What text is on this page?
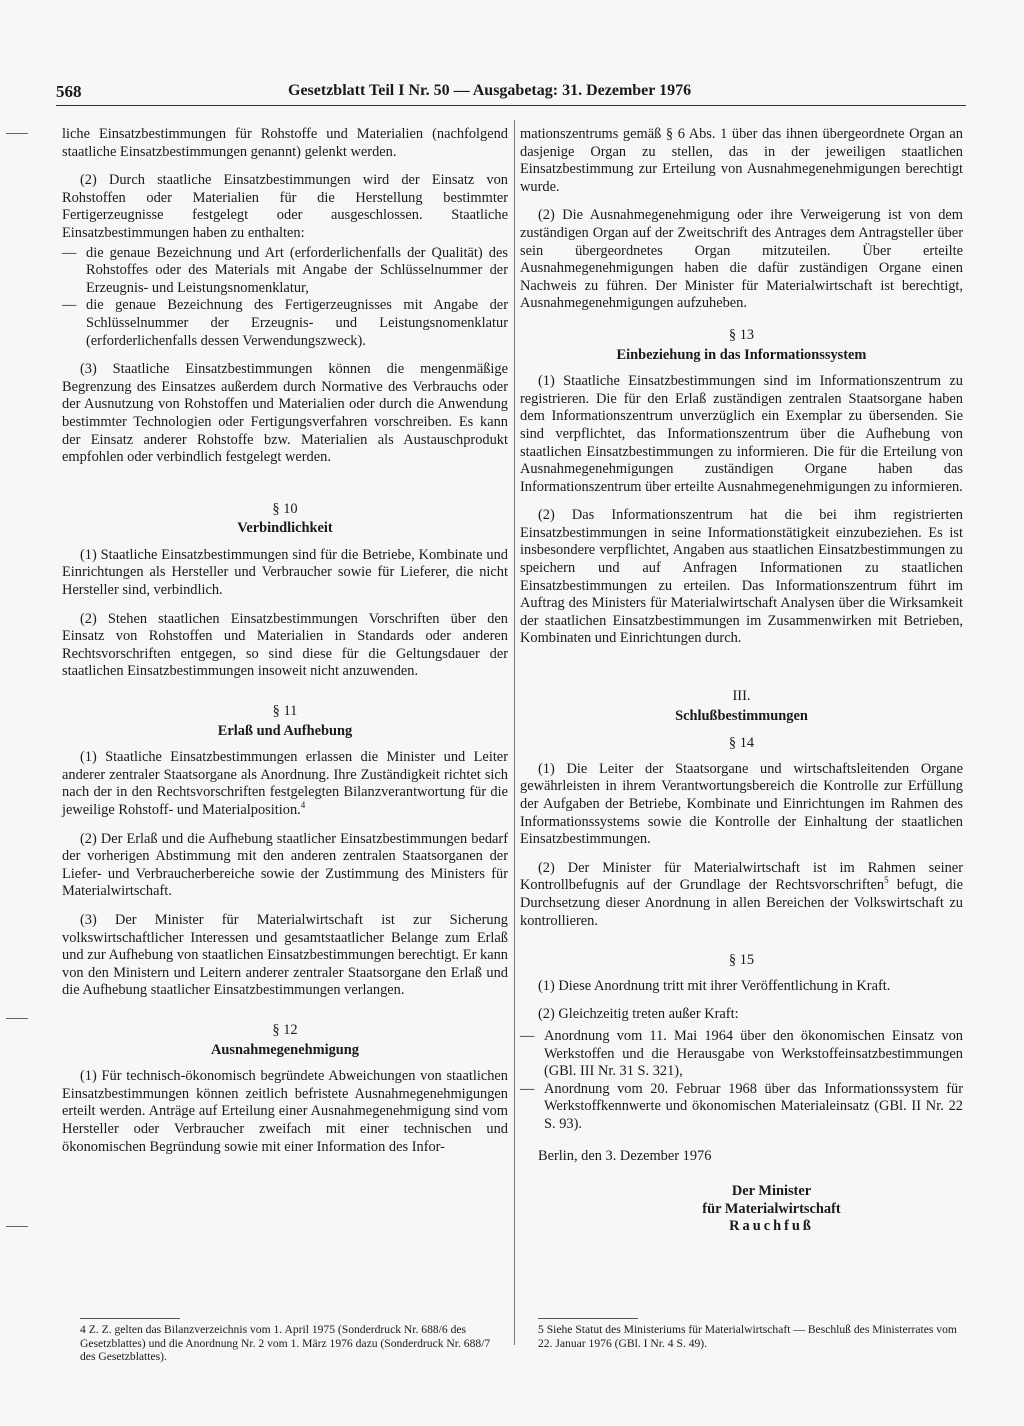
568	Gesetzblatt Teil I Nr. 50 — Ausgabetag: 31. Dezember 1976

liche Einsatzbestimmungen für Rohstoffe und Materialien (nachfolgend staatliche Einsatzbestimmungen genannt) gelenkt werden.

(2) Durch staatliche Einsatzbestimmungen wird der Einsatz von Rohstoffen oder Materialien für die Herstellung bestimmter Fertigerzeugnisse festgelegt oder ausgeschlossen. Staatliche Einsatzbestimmungen haben zu enthalten:

— die genaue Bezeichnung und Art (erforderlichenfalls der Qualität) des Rohstoffes oder des Materials mit Angabe der Schlüsselnummer der Erzeugnis- und Leistungsnomenklatur,
— die genaue Bezeichnung des Fertigerzeugnisses mit Angabe der Schlüsselnummer der Erzeugnis- und Leistungsnomenklatur (erforderlichenfalls dessen Verwendungszweck).

(3) Staatliche Einsatzbestimmungen können die mengenmäßige Begrenzung des Einsatzes außerdem durch Normative des Verbrauchs oder der Ausnutzung von Rohstoffen und Materialien oder durch die Anwendung bestimmter Technologien oder Fertigungsverfahren vorschreiben. Es kann der Einsatz anderer Rohstoffe bzw. Materialien als Austauschprodukt empfohlen oder verbindlich festgelegt werden.

§ 10
Verbindlichkeit

(1) Staatliche Einsatzbestimmungen sind für die Betriebe, Kombinate und Einrichtungen als Hersteller und Verbraucher sowie für Lieferer, die nicht Hersteller sind, verbindlich.

(2) Stehen staatlichen Einsatzbestimmungen Vorschriften über den Einsatz von Rohstoffen und Materialien in Standards oder anderen Rechtsvorschriften entgegen, so sind diese für die Geltungsdauer der staatlichen Einsatzbestimmungen insoweit nicht anzuwenden.

§ 11
Erlaß und Aufhebung

(1) Staatliche Einsatzbestimmungen erlassen die Minister und Leiter anderer zentraler Staatsorgane als Anordnung. Ihre Zuständigkeit richtet sich nach der in den Rechtsvorschriften festgelegten Bilanzverantwortung für die jeweilige Rohstoff- und Materialposition.$^4$

(2) Der Erlaß und die Aufhebung staatlicher Einsatzbestimmungen bedarf der vorherigen Abstimmung mit den anderen zentralen Staatsorganen der Liefer- und Verbraucherbereiche sowie der Zustimmung des Ministers für Materialwirtschaft.

(3) Der Minister für Materialwirtschaft ist zur Sicherung volkswirtschaftlicher Interessen und gesamtstaatlicher Belange zum Erlaß und zur Aufhebung von staatlichen Einsatzbestimmungen berechtigt. Er kann von den Ministern und Leitern anderer zentraler Staatsorgane den Erlaß und die Aufhebung staatlicher Einsatzbestimmungen verlangen.

§ 12
Ausnahmegenehmigung

(1) Für technisch-ökonomisch begründete Abweichungen von staatlichen Einsatzbestimmungen können zeitlich befristete Ausnahmegenehmigungen erteilt werden. Anträge auf Erteilung einer Ausnahmegenehmigung sind vom Hersteller oder Verbraucher zweifach mit einer technischen und ökonomischen Begründung sowie mit einer Information des Infor-

4 Z. Z. gelten das Bilanzverzeichnis vom 1. April 1975 (Sonderdruck Nr. 688/6 des Gesetzblattes) und die Anordnung Nr. 2 vom 1. März 1976 dazu (Sonderdruck Nr. 688/7 des Gesetzblattes).

mationszentrums gemäß § 6 Abs. 1 über das ihnen übergeordnete Organ an dasjenige Organ zu stellen, das in der jeweiligen staatlichen Einsatzbestimmung zur Erteilung von Ausnahmegenehmigungen berechtigt wurde.

(2) Die Ausnahmegenehmigung oder ihre Verweigerung ist von dem zuständigen Organ auf der Zweitschrift des Antrages dem Antragsteller über sein übergeordnetes Organ mitzuteilen. Über erteilte Ausnahmegenehmigungen haben die dafür zuständigen Organe einen Nachweis zu führen. Der Minister für Materialwirtschaft ist berechtigt, Ausnahmegenehmigungen aufzuheben.

§ 13
Einbeziehung in das Informationssystem

(1) Staatliche Einsatzbestimmungen sind im Informationszentrum zu registrieren. Die für den Erlaß zuständigen zentralen Staatsorgane haben dem Informationszentrum unverzüglich ein Exemplar zu übersenden. Sie sind verpflichtet, das Informationszentrum über die Aufhebung von staatlichen Einsatzbestimmungen zu informieren. Die für die Erteilung von Ausnahmegenehmigungen zuständigen Organe haben das Informationszentrum über erteilte Ausnahmegenehmigungen zu informieren.

(2) Das Informationszentrum hat die bei ihm registrierten Einsatzbestimmungen in seine Informationstätigkeit einzubeziehen. Es ist insbesondere verpflichtet, Angaben aus staatlichen Einsatzbestimmungen zu speichern und auf Anfragen Informationen zu staatlichen Einsatzbestimmungen zu erteilen. Das Informationszentrum führt im Auftrag des Ministers für Materialwirtschaft Analysen über die Wirksamkeit der staatlichen Einsatzbestimmungen im Zusammenwirken mit Betrieben, Kombinaten und Einrichtungen durch.

III.
Schlußbestimmungen
§ 14

(1) Die Leiter der Staatsorgane und wirtschaftsleitenden Organe gewährleisten in ihrem Verantwortungsbereich die Kontrolle zur Erfüllung der Aufgaben der Betriebe, Kombinate und Einrichtungen im Rahmen des Informationssystems sowie die Kontrolle der Einhaltung der staatlichen Einsatzbestimmungen.

(2) Der Minister für Materialwirtschaft ist im Rahmen seiner Kontrollbefugnis auf der Grundlage der Rechtsvorschriften$^5$ befugt, die Durchsetzung dieser Anordnung in allen Bereichen der Volkswirtschaft zu kontrollieren.

§ 15

(1) Diese Anordnung tritt mit ihrer Veröffentlichung in Kraft.

(2) Gleichzeitig treten außer Kraft:

— Anordnung vom 11. Mai 1964 über den ökonomischen Einsatz von Werkstoffen und die Herausgabe von Werkstoffeinsatzbestimmungen (GBl. III Nr. 31 S. 321),
— Anordnung vom 20. Februar 1968 über das Informationssystem für Werkstoffkennwerte und ökonomischen Materialeinsatz (GBl. II Nr. 22 S. 93).

Berlin, den 3. Dezember 1976

Der Minister
für Materialwirtschaft
Rauchfuß
5 Siehe Statut des Ministeriums für Materialwirtschaft — Beschluß des Ministerrates vom 22. Januar 1976 (GBl. I Nr. 4 S. 49).
